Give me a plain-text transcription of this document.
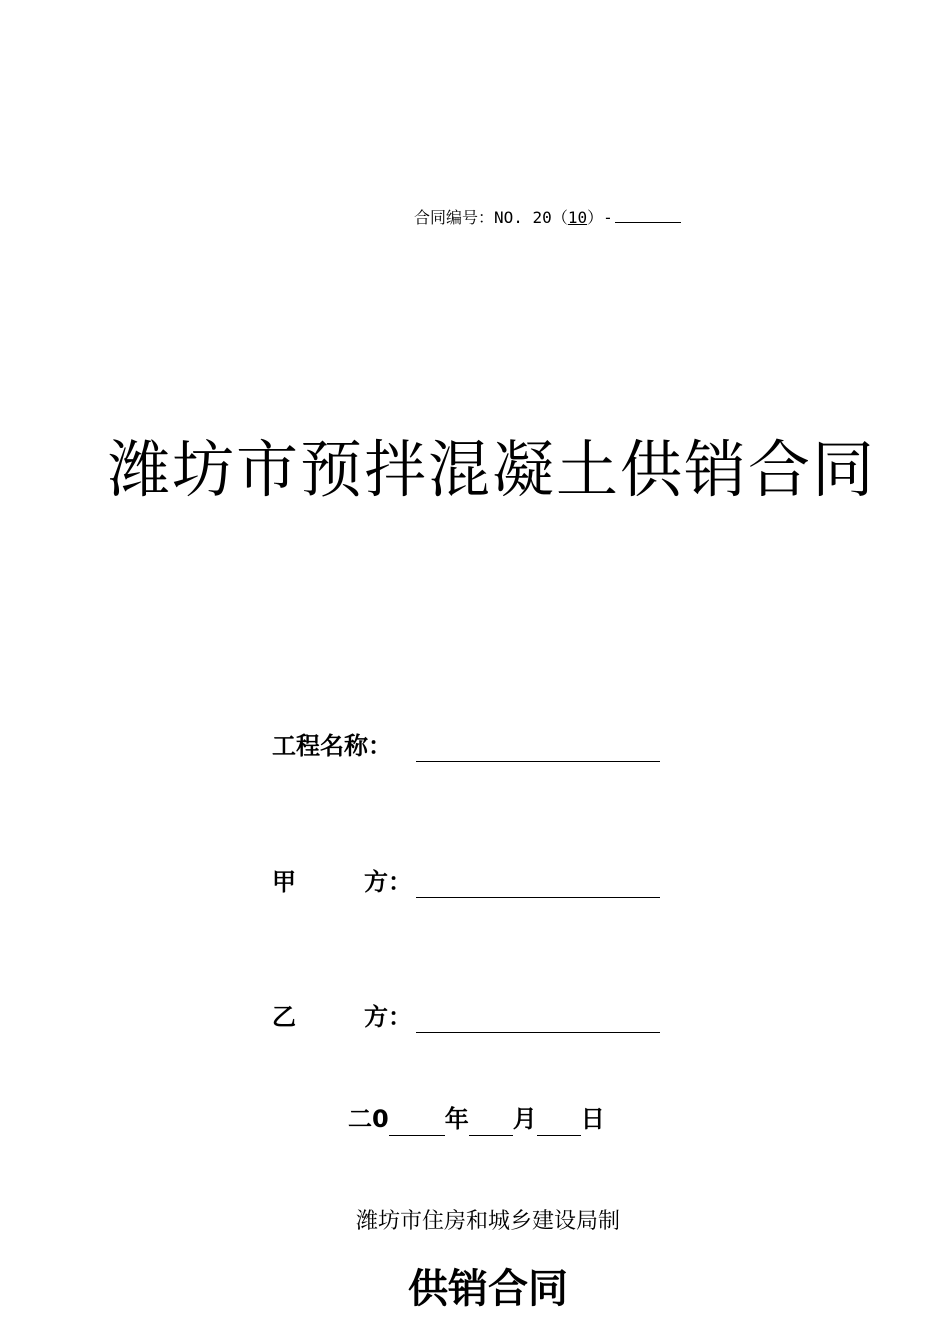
合同编号： NO. 20（ 10 ）-
潍坊市预拌混凝土供销合同
工程名称：
甲	方：
乙	方：
二0 年 月 日
潍坊市住房和城乡建设局制
供销合同
